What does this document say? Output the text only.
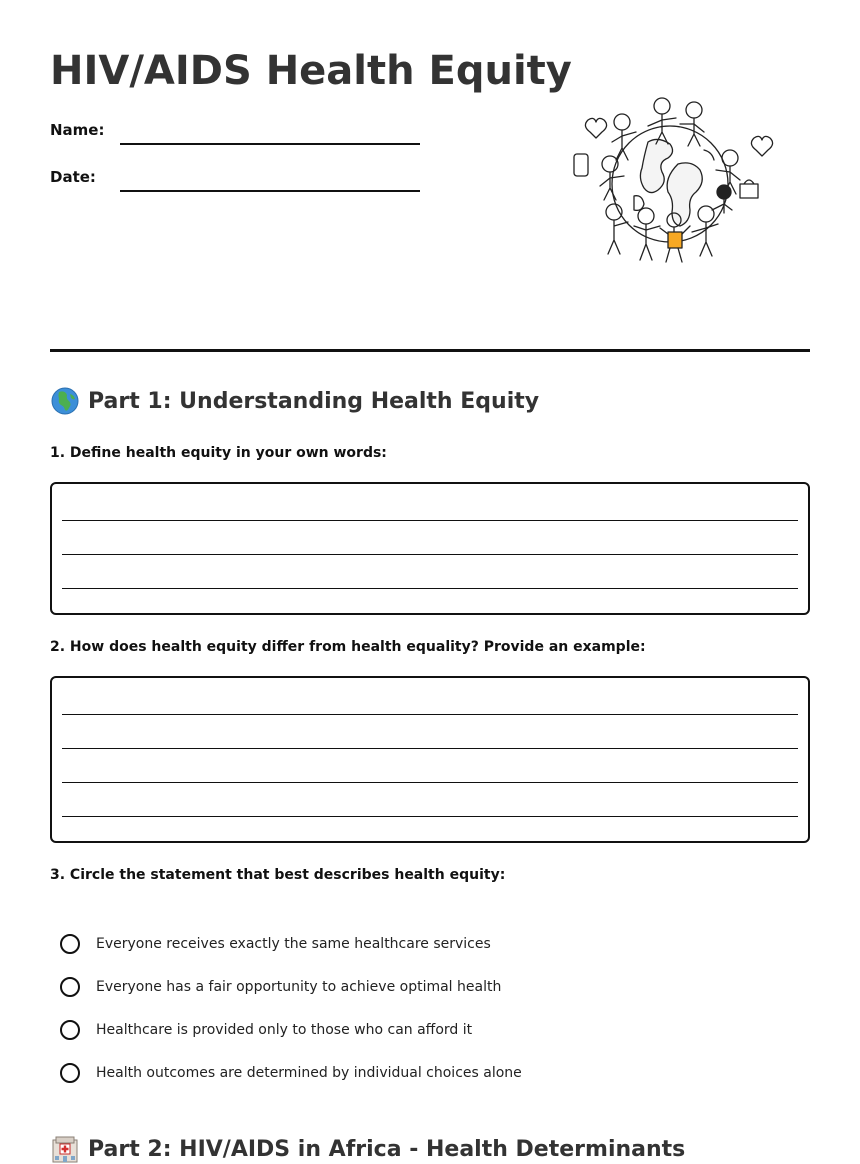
HIV/AIDS Health Equity
Name:
Date:
Part 1: Understanding Health Equity

1. Define health equity in your own words:

2. How does health equity differ from health equality? Provide an example:

3. Circle the statement that best describes health equity:

Everyone receives exactly the same healthcare services
Everyone has a fair opportunity to achieve optimal health
Healthcare is provided only to those who can afford it
Health outcomes are determined by individual choices alone
Part 2: HIV/AIDS in Africa - Health Determinants
